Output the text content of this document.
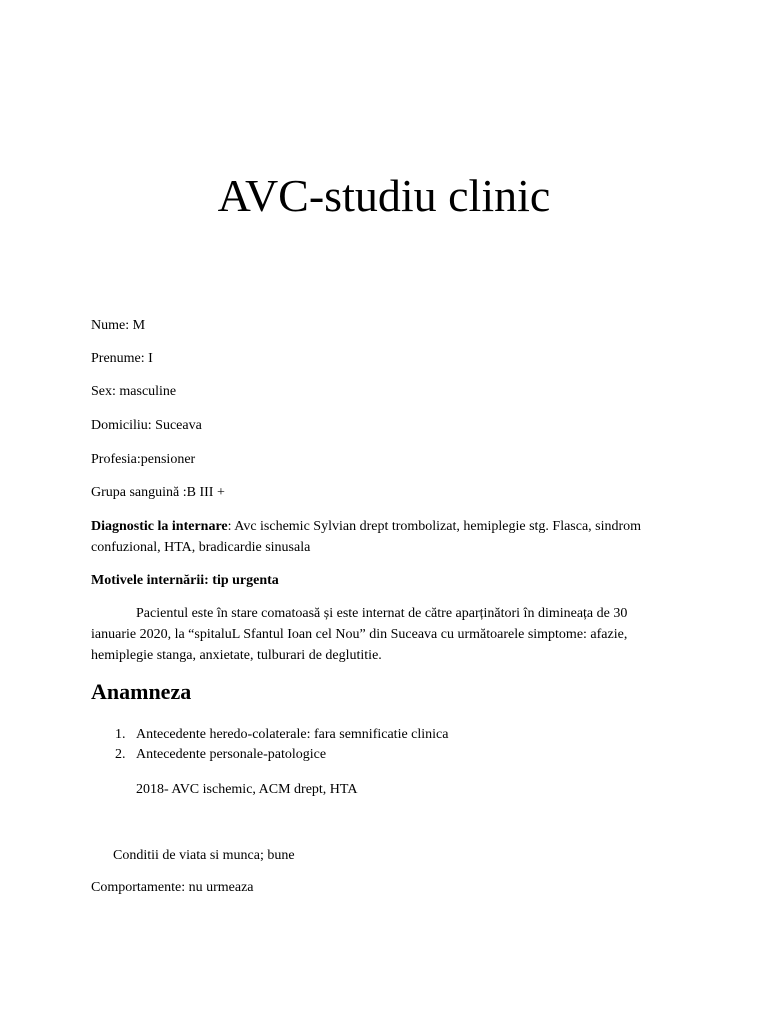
AVC-studiu clinic
Nume: M
Prenume: I
Sex: masculine
Domiciliu: Suceava
Profesia:pensioner
Grupa sanguină :B III +
Diagnostic la internare: Avc ischemic Sylvian drept trombolizat, hemiplegie stg. Flasca, sindrom confuzional, HTA, bradicardie sinusala
Motivele internării: tip urgenta
Pacientul este în stare comatoasă și este internat de către aparținători în dimineața de 30 ianuarie 2020, la “spitaluL Sfantul Ioan cel Nou” din Suceava cu următoarele simptome: afazie, hemiplegie stanga, anxietate, tulburari de deglutitie.
Anamneza
1. Antecedente heredo-colaterale: fara semnificatie clinica
2. Antecedente personale-patologice
2018- AVC ischemic, ACM drept, HTA
Conditii de viata si munca; bune
Comportamente: nu urmeaza
